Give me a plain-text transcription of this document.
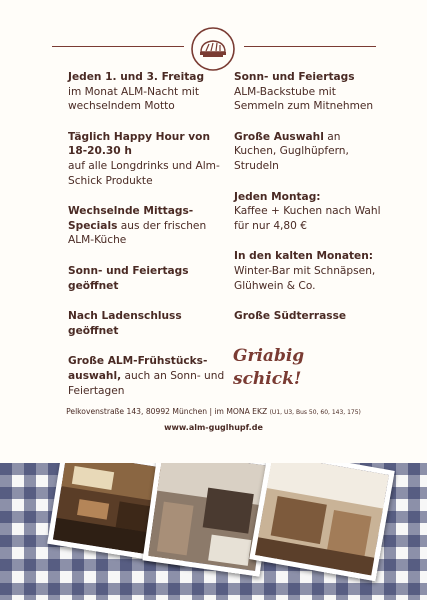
Jeden 1. und 3. Freitag
im Monat ALM-Nacht mit wechselndem Motto
Täglich Happy Hour von 18-20.30 h
auf alle Longdrinks und Alm-Schick Produkte
Wechselnde Mittags-Specials aus der frischen ALM-Küche
Sonn- und Feiertags geöffnet
Nach Ladenschluss geöffnet
Große ALM-Frühstücks-auswahl, auch an Sonn- und Feiertagen
Sonn- und Feiertags
ALM-Backstube mit Semmeln zum Mitnehmen
Große Auswahl an Kuchen, Guglhüpfern, Strudeln
Jeden Montag:
Kaffee + Kuchen nach Wahl für nur 4,80 €
In den kalten Monaten:
Winter-Bar mit Schnäpsen, Glühwein & Co.
Große Südterrasse
Griabig
schick!
Pelkovenstraße 143, 80992 München | im MONA EKZ (U1, U3, Bus 50, 60, 143, 175)
www.alm-guglhupf.de
